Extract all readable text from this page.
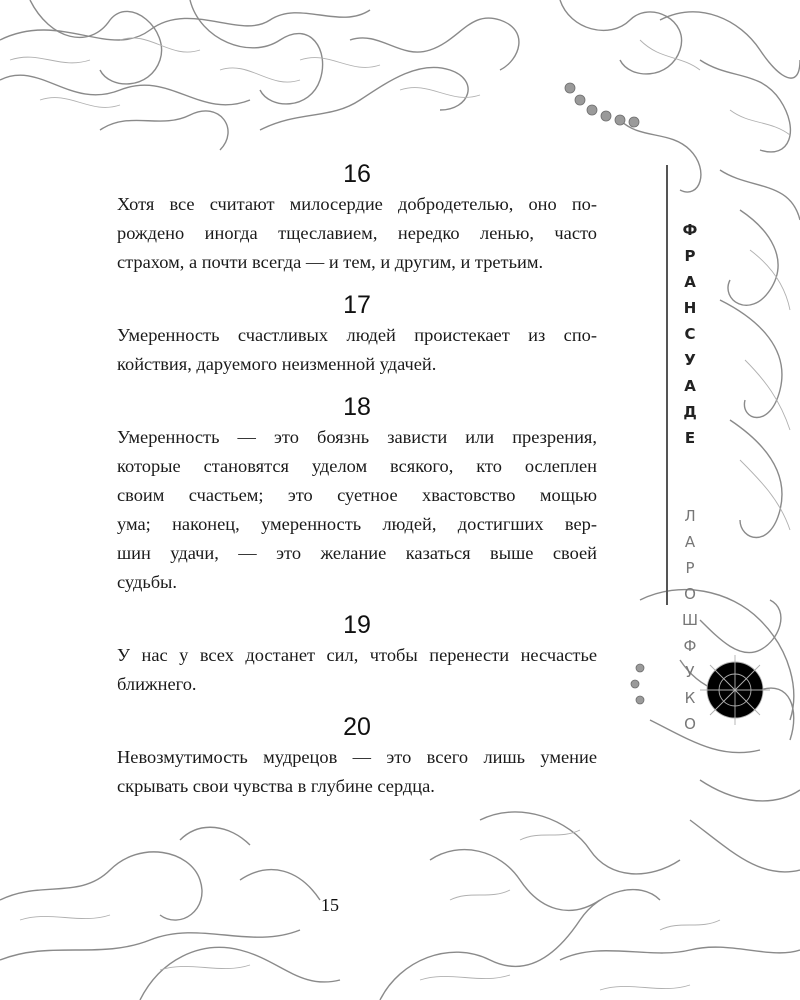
16
Хотя все считают милосердие добродетелью, оно по-
рождено иногда тщеславием, нередко ленью, часто
страхом, а почти всегда — и тем, и другим, и третьим.
17
Умеренность счастливых людей проистекает из спо-
койствия, даруемого неизменной удачей.
18
Умеренность — это боязнь зависти или презрения,
которые становятся уделом всякого, кто ослеплен
своим счастьем; это суетное хвастовство мощью
ума; наконец, умеренность людей, достигших вер-
шин удачи, — это желание казаться выше своей
судьбы.
19
У нас у всех достанет сил, чтобы перенести несчастье
ближнего.
20
Невозмутимость мудрецов — это всего лишь умение
скрывать свои чувства в глубине сердца.

ФРАНСУА ДЕ

ЛАРОШФУКО

15
